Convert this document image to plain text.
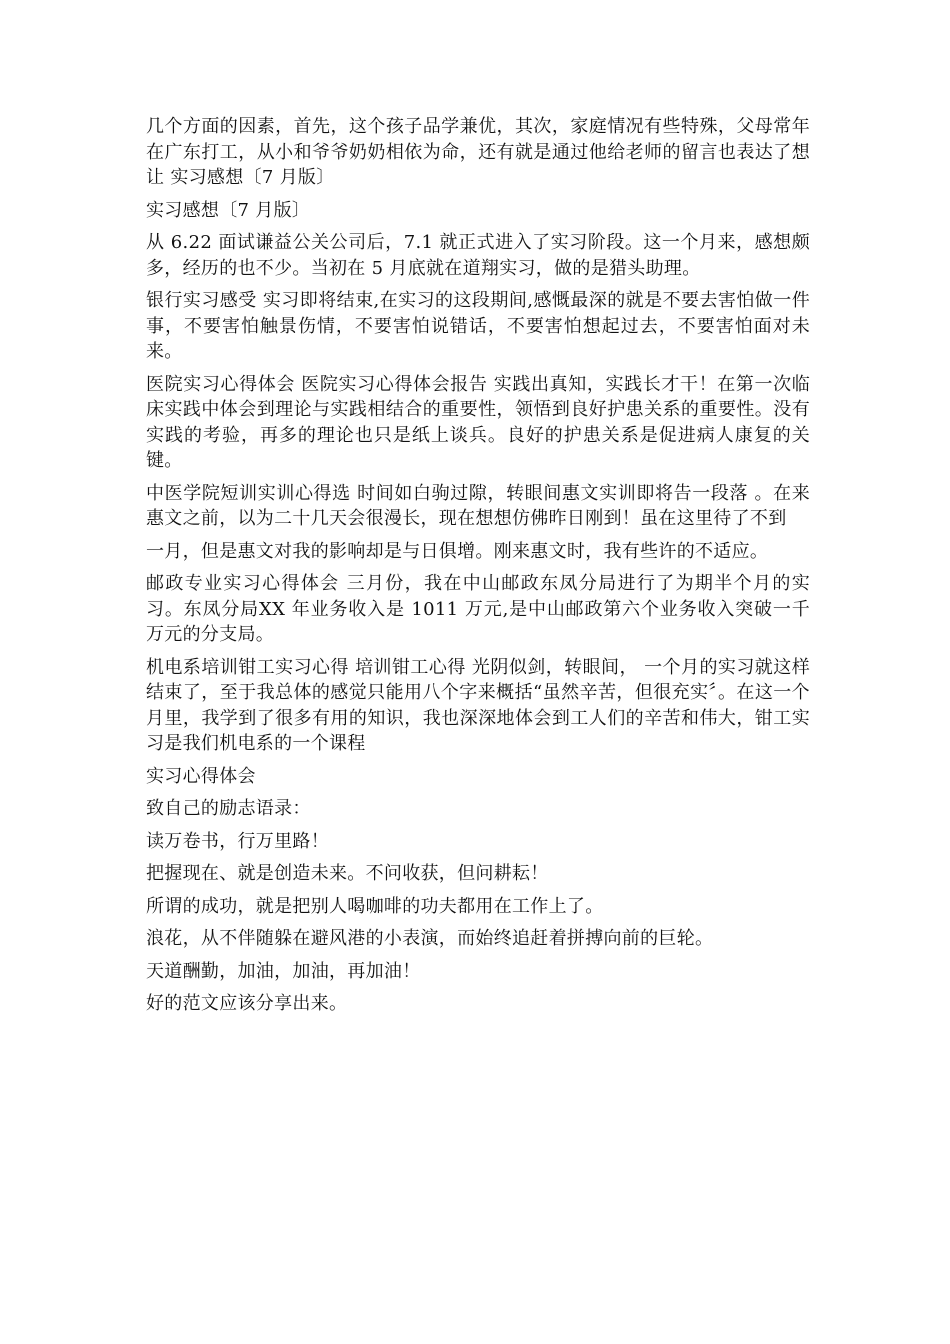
几个方面的因素，首先，这个孩子品学兼优，其次，家庭情况有些特殊，父母常年在广东打工，从小和爷爷奶奶相依为命，还有就是通过他给老师的留言也表达了想让 实习感想〔7 月版〕

实习感想〔7 月版〕

从 6.22 面试谦益公关公司后，7.1 就正式进入了实习阶段。这一个月来，感想颇多，经历的也不少。当初在 5 月底就在道翔实习，做的是猎头助理。

银行实习感受 实习即将结束,在实习的这段期间,感慨最深的就是不要去害怕做一件事，不要害怕触景伤情，不要害怕说错话，不要害怕想起过去，不要害怕面对未来。

医院实习心得体会 医院实习心得体会报告 实践出真知，实践长才干！在第一次临床实践中体会到理论与实践相结合的重要性，领悟到良好护患关系的重要性。没有实践的考验，再多的理论也只是纸上谈兵。良好的护患关系是促进病人康复的关键。

中医学院短训实训心得选 时间如白驹过隙，转眼间惠文实训即将告一段落 。在来惠文之前，以为二十几天会很漫长，现在想想仿佛昨日刚到！虽在这里待了不到

一月，但是惠文对我的影响却是与日俱增。刚来惠文时，我有些许的不适应。

邮政专业实习心得体会 三月份，我在中山邮政东凤分局进行了为期半个月的实习。东凤分局XX 年业务收入是 1011 万元,是中山邮政第六个业务收入突破一千万元的分支局。

机电系培训钳工实习心得 培训钳工心得 光阴似剑，转眼间， 一个月的实习就这样结束了，至于我总体的感觉只能用八个字来概括“虽然辛苦，但很充实〞。在这一个月里，我学到了很多有用的知识，我也深深地体会到工人们的辛苦和伟大，钳工实习是我们机电系的一个课程

实习心得体会

致自己的励志语录：

读万卷书，行万里路！

把握现在、就是创造未来。不问收获，但问耕耘！

所谓的成功，就是把别人喝咖啡的功夫都用在工作上了。

浪花，从不伴随躲在避风港的小表演，而始终追赶着拼搏向前的巨轮。

天道酬勤，加油，加油，再加油！

好的范文应该分享出来。
